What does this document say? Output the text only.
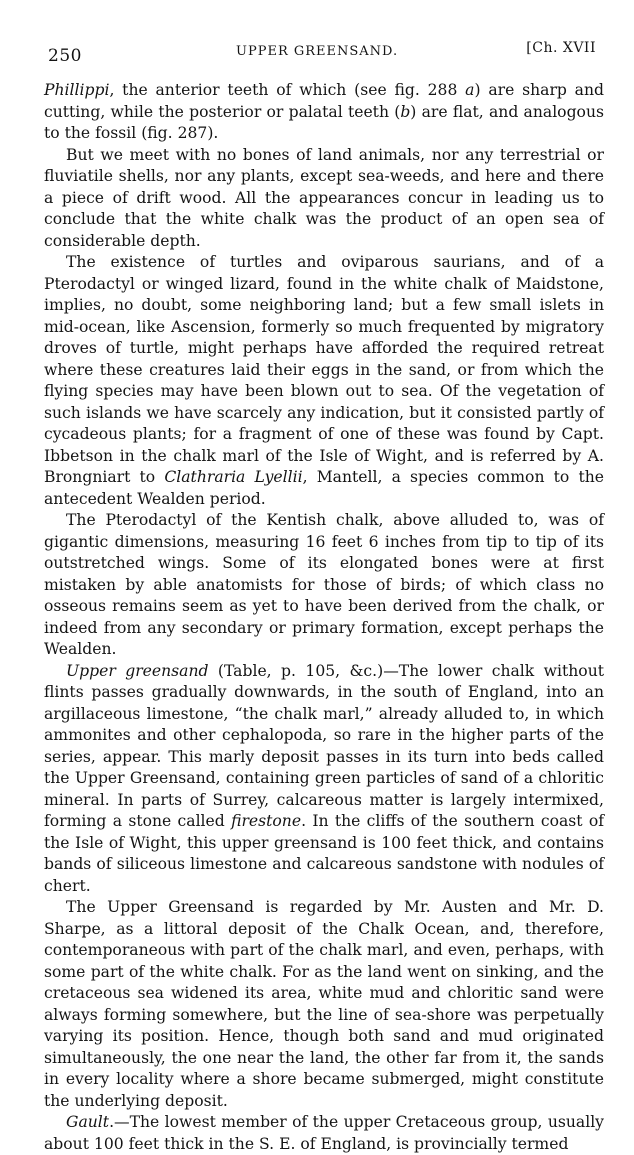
250	UPPER GREENSAND.	[Ch. XVII

Phillippi, the anterior teeth of which (see fig. 288 a) are sharp and cutting, while the posterior or palatal teeth (b) are flat, and analogous to the fossil (fig. 287).

But we meet with no bones of land animals, nor any terrestrial or fluviatile shells, nor any plants, except sea-weeds, and here and there a piece of drift wood. All the appearances concur in leading us to conclude that the white chalk was the product of an open sea of considerable depth.

The existence of turtles and oviparous saurians, and of a Pterodactyl or winged lizard, found in the white chalk of Maidstone, implies, no doubt, some neighboring land; but a few small islets in mid-ocean, like Ascension, formerly so much frequented by migratory droves of turtle, might perhaps have afforded the required retreat where these creatures laid their eggs in the sand, or from which the flying species may have been blown out to sea. Of the vegetation of such islands we have scarcely any indication, but it consisted partly of cycadeous plants; for a fragment of one of these was found by Capt. Ibbetson in the chalk marl of the Isle of Wight, and is referred by A. Brongniart to Clathraria Lyellii, Mantell, a species common to the antecedent Wealden period.

The Pterodactyl of the Kentish chalk, above alluded to, was of gigantic dimensions, measuring 16 feet 6 inches from tip to tip of its outstretched wings. Some of its elongated bones were at first mistaken by able anatomists for those of birds; of which class no osseous remains seem as yet to have been derived from the chalk, or indeed from any secondary or primary formation, except perhaps the Wealden.

Upper greensand (Table, p. 105, &c.)—The lower chalk without flints passes gradually downwards, in the south of England, into an argillaceous limestone, “the chalk marl,” already alluded to, in which ammonites and other cephalopoda, so rare in the higher parts of the series, appear. This marly deposit passes in its turn into beds called the Upper Greensand, containing green particles of sand of a chloritic mineral. In parts of Surrey, calcareous matter is largely intermixed, forming a stone called firestone. In the cliffs of the southern coast of the Isle of Wight, this upper greensand is 100 feet thick, and contains bands of siliceous limestone and calcareous sandstone with nodules of chert.

The Upper Greensand is regarded by Mr. Austen and Mr. D. Sharpe, as a littoral deposit of the Chalk Ocean, and, therefore, contemporaneous with part of the chalk marl, and even, perhaps, with some part of the white chalk. For as the land went on sinking, and the cretaceous sea widened its area, white mud and chloritic sand were always forming somewhere, but the line of sea-shore was perpetually varying its position. Hence, though both sand and mud originated simultaneously, the one near the land, the other far from it, the sands in every locality where a shore became submerged, might constitute the underlying deposit.

Gault.—The lowest member of the upper Cretaceous group, usually about 100 feet thick in the S. E. of England, is provincially termed
